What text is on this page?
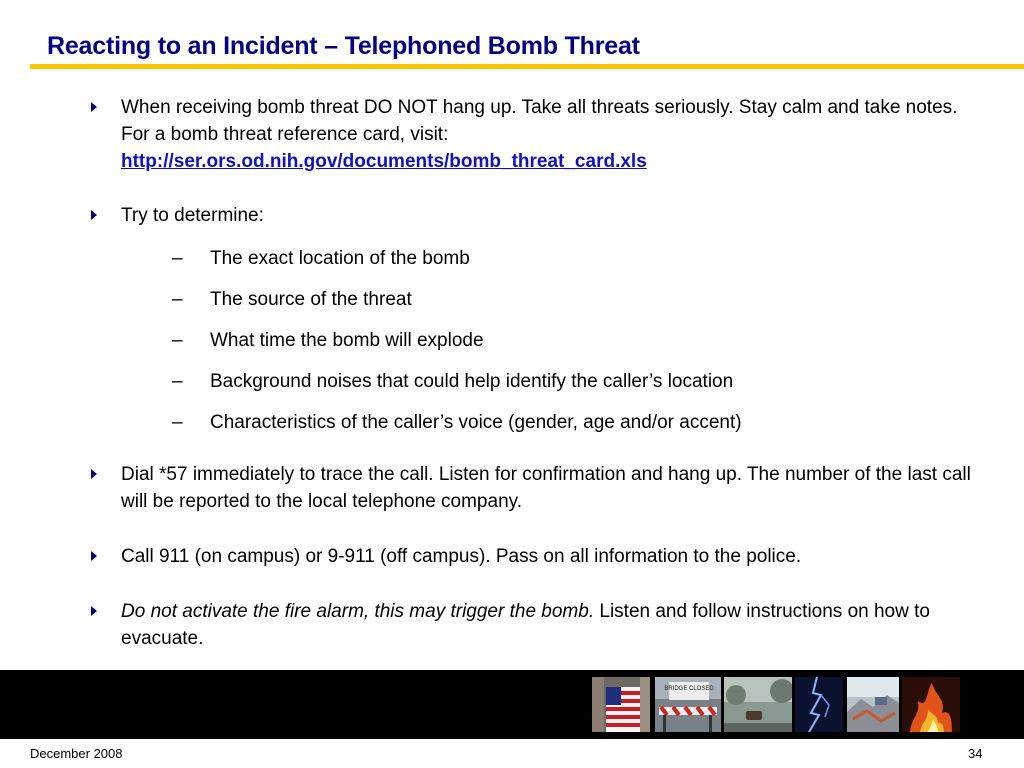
Reacting to an Incident – Telephoned Bomb Threat
When receiving bomb threat DO NOT hang up. Take all threats seriously. Stay calm and take notes. For a bomb threat reference card, visit:
http://ser.ors.od.nih.gov/documents/bomb_threat_card.xls
Try to determine:
– The exact location of the bomb
– The source of the threat
– What time the bomb will explode
– Background noises that could help identify the caller’s location
– Characteristics of the caller’s voice (gender, age and/or accent)
Dial *57 immediately to trace the call. Listen for confirmation and hang up. The number of the last call will be reported to the local telephone company.
Call 911 (on campus) or 9-911 (off campus). Pass on all information to the police.
Do not activate the fire alarm, this may trigger the bomb. Listen and follow instructions on how to evacuate.
BRIDGE CLOSED
December 2008	34
